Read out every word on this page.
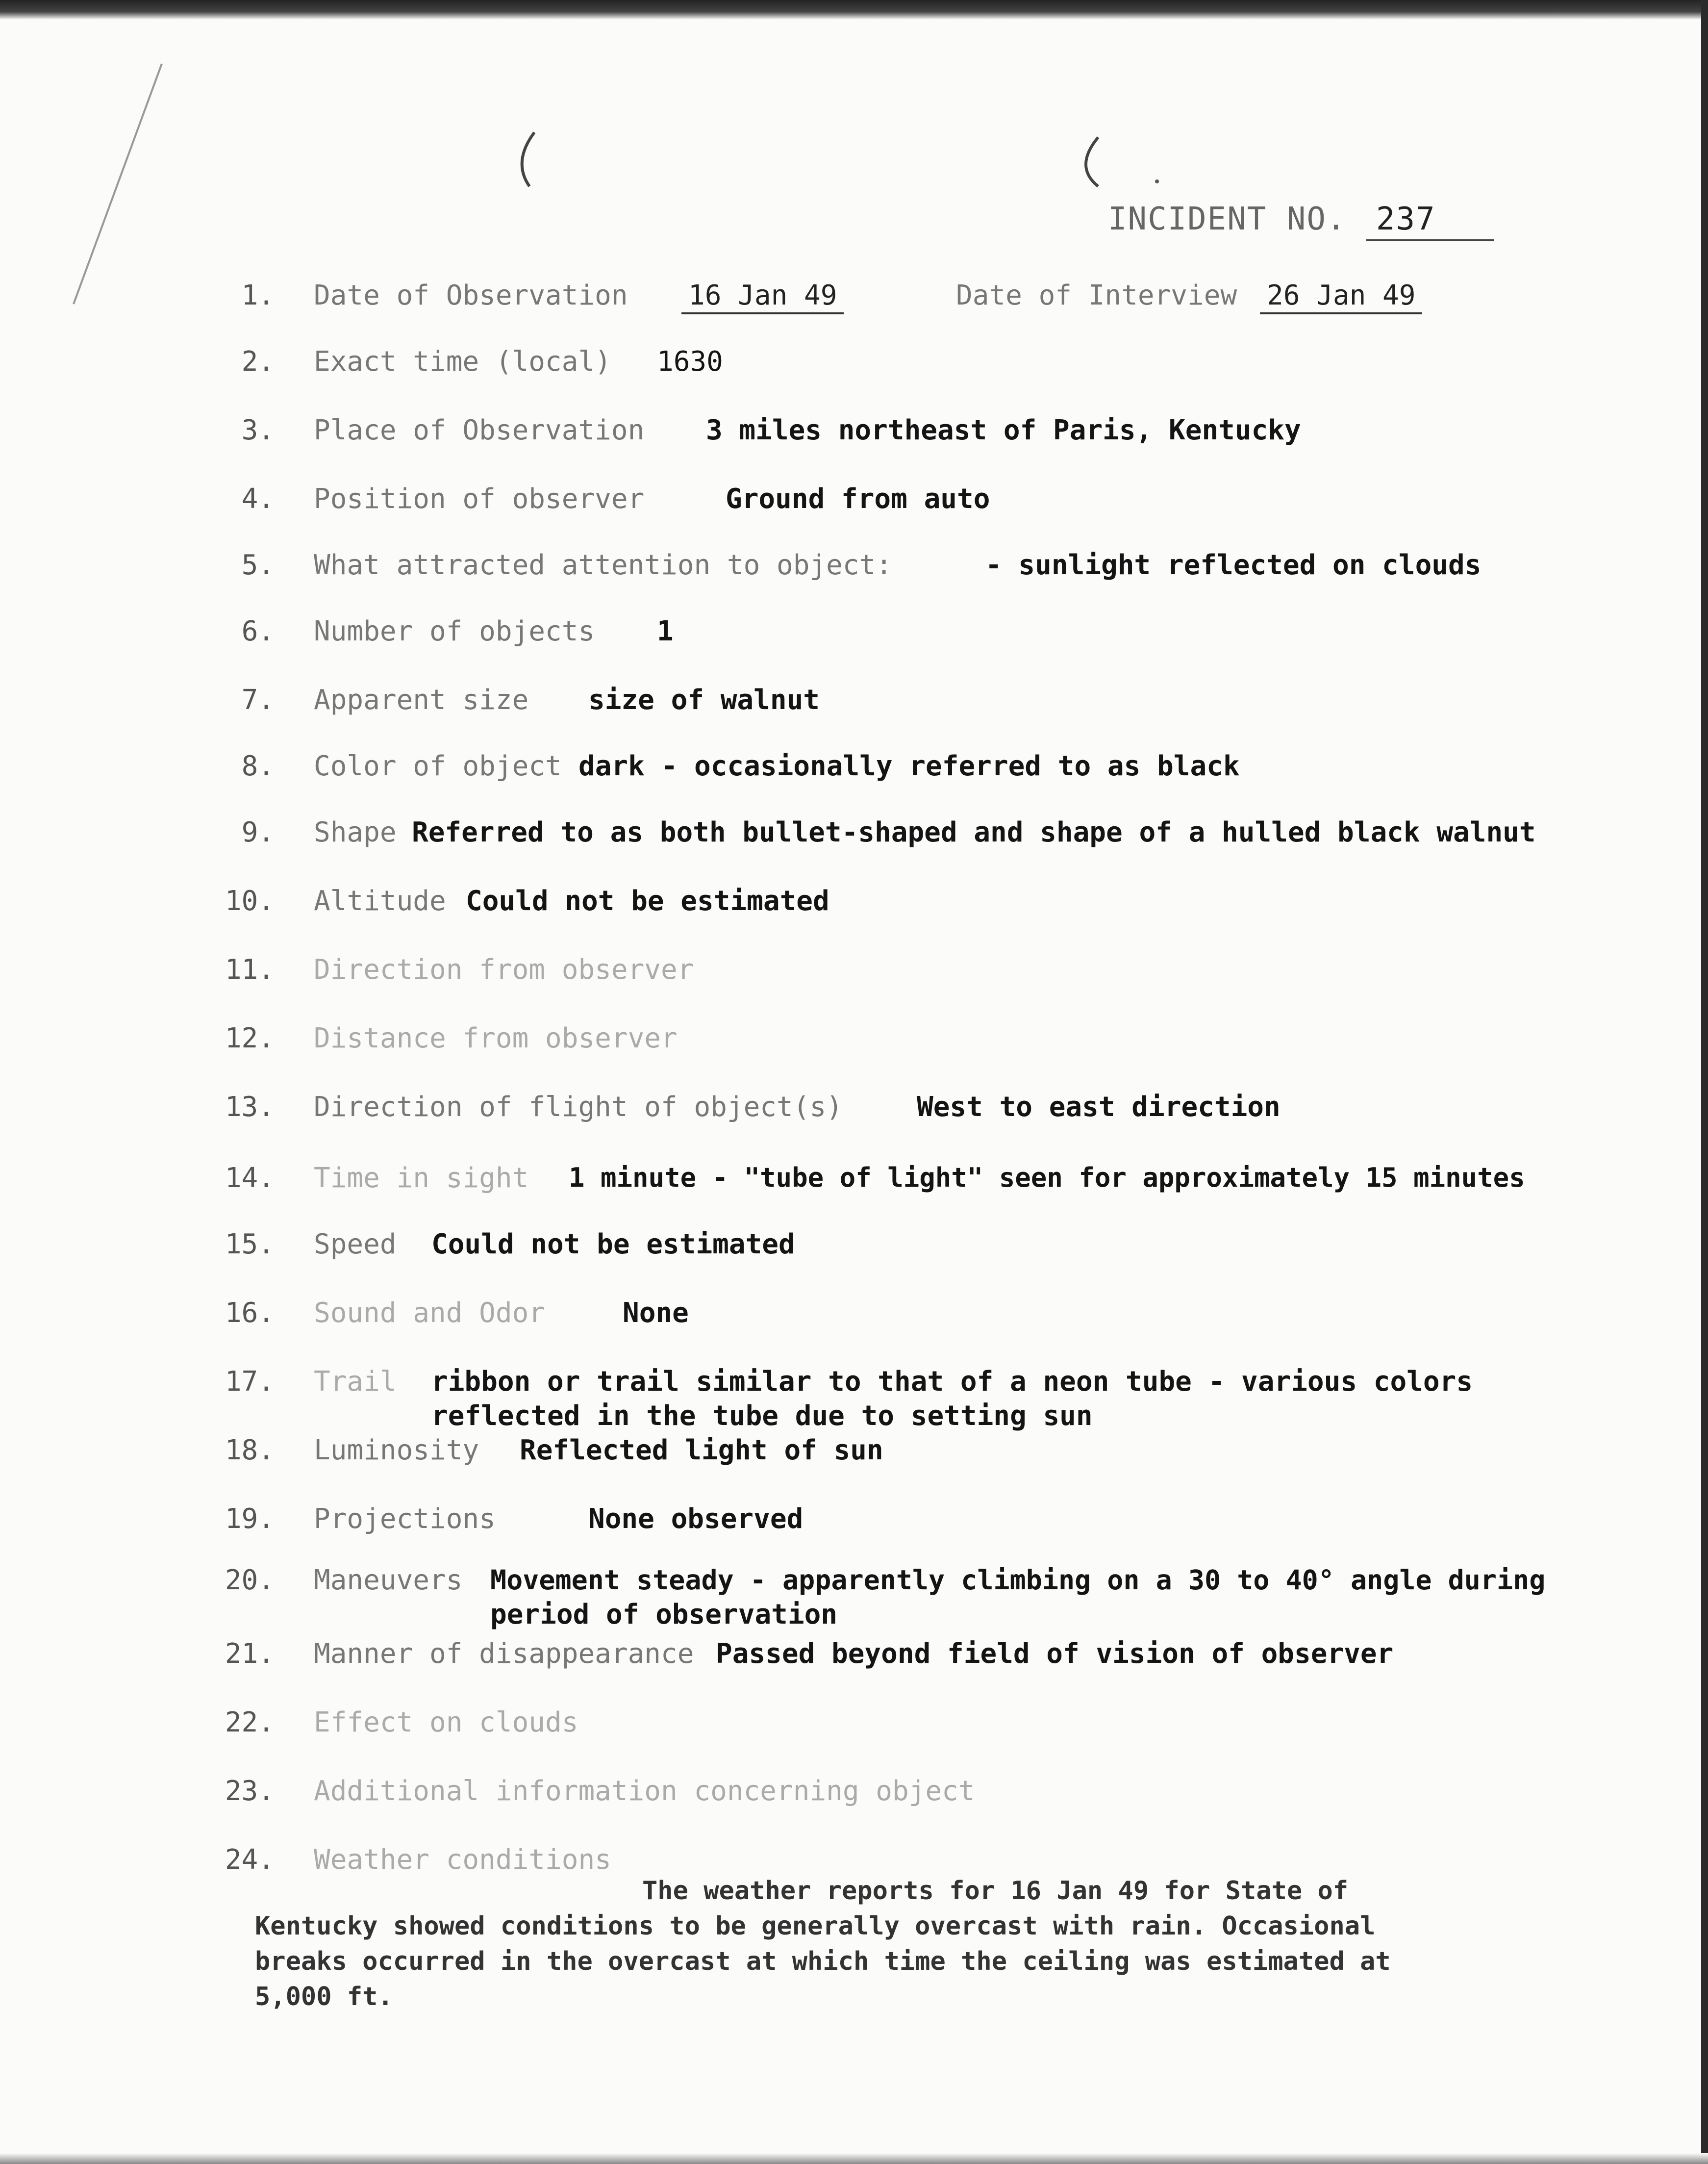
INCIDENT NO. 237
1. Date of Observation 16 Jan 49	Date of Interview 26 Jan 49
2. Exact time (local) 1630
3. Place of Observation 3 miles northeast of Paris, Kentucky
4. Position of observer	Ground from auto
5. What attracted attention to object:	- sunlight reflected on clouds
6. Number of objects 1
7. Apparent size size of walnut
8. Color of object dark - occasionally referred to as black
9. Shape Referred to as both bullet-shaped and shape of a hulled black walnut
10. Altitude Could not be estimated
11. Direction from observer
12. Distance from observer
13. Direction of flight of object(s)	West to east direction
14. Time in sight 1 minute - "tube of light" seen for approximately 15 minutes
15. Speed Could not be estimated
16. Sound and Odor	None
17. Trail ribbon or trail similar to that of a neon tube - various colors
reflected in the tube due to setting sun
18. Luminosity Reflected light of sun
19. Projections	None observed
20. Maneuvers Movement steady - apparently climbing on a 30 to 40° angle during
period of observation
21. Manner of disappearance Passed beyond field of vision of observer
22. Effect on clouds
23. Additional information concerning object
24. Weather conditions
The weather reports for 16 Jan 49 for State of
Kentucky showed conditions to be generally overcast with rain. Occasional
breaks occurred in the overcast at which time the ceiling was estimated at
5,000 ft.
